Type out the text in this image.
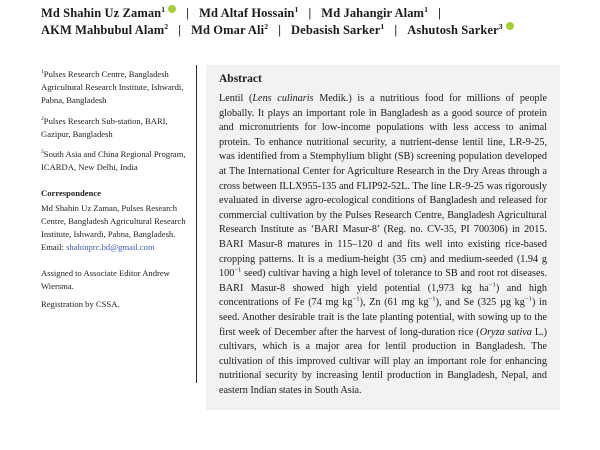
Md Shahin Uz Zaman$^1$ | Md Altaf Hossain$^1$ | Md Jahangir Alam$^1$ |AKM Mahbubul Alam$^2$ | Md Omar Ali$^2$ | Debasish Sarker$^1$ | Ashutosh Sarker$^3$

$^1$Pulses Research Centre, Bangladesh Agricultural Research Institute, Ishwardi, Pabna, Bangladesh

$^2$Pulses Research Sub-station, BARI, Gazipur, Bangladesh

$^3$South Asia and China Regional Program, ICARDA, New Delhi, India

Correspondence

Md Shahin Uz Zaman, Pulses Research Centre, Bangladesh Agricultural Research Institute, Ishwardi, Pabna, Bangladesh. Email: shahinprc.bd@gmail.com

Assigned to Associate Editor Andrew Wiersma.

Registration by CSSA.

Abstract

Lentil (Lens culinaris Medik.) is a nutritious food for millions of people globally. It plays an important role in Bangladesh as a good source of protein and micronutrients for low-income populations with less access to animal protein. To enhance nutritional security, a nutrient-dense lentil line, LR-9-25, was identified from a Stemphylium blight (SB) screening population developed at The International Center for Agriculture Research in the Dry Areas through a cross between ILLX955-135 and FLIP92-52L. The line LR-9-25 was rigorously evaluated in diverse agro-ecological conditions of Bangladesh and released for commercial cultivation by the Pulses Research Centre, Bangladesh Agricultural Research Institute as ‘BARI Masur-8’ (Reg. no. CV-35, PI 700306) in 2015. BARI Masur-8 matures in 115–120 d and fits well into existing rice-based cropping patterns. It is a medium-height (35 cm) and medium-seeded (1.94 g $100^{-1}$ seed) cultivar having a high level of tolerance to SB and root rot diseases. BARI Masur-8 showed high yield potential (1,973 kg $ha^{-1}$) and high concentrations of Fe (74 mg $kg^{-1}$), Zn (61 mg $kg^{-1}$), and Se (325 µg $kg^{-1}$) in seed. Another desirable trait is the late planting potential, with sowing up to the first week of December after the harvest of long-duration rice (Oryza sativa L.) cultivars, which is a major area for lentil production in Bangladesh. The cultivation of this improved cultivar will play an important role for enhancing nutritional security by increasing lentil production in Bangladesh, Nepal, and eastern Indian states in South Asia.
